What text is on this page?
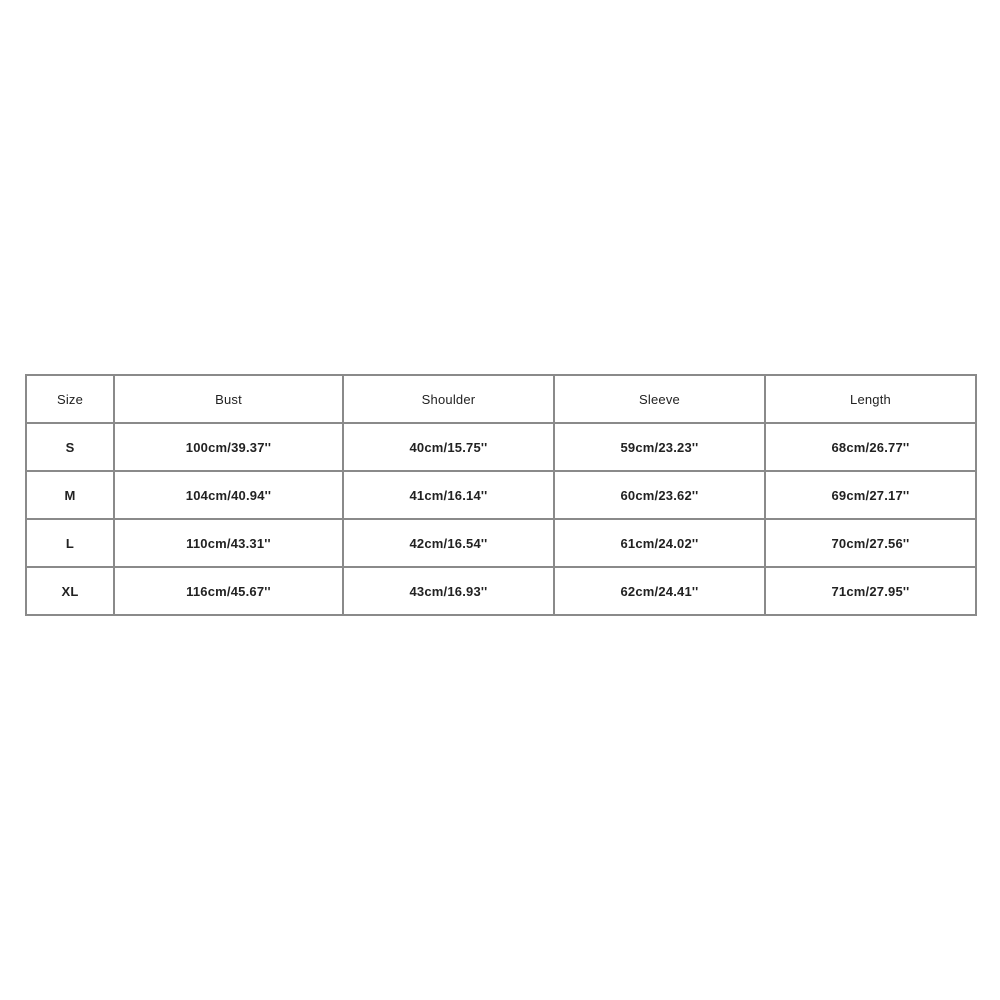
Size	Bust	Shoulder	Sleeve	Length
S	100cm/39.37''	40cm/15.75''	59cm/23.23''	68cm/26.77''
M	104cm/40.94''	41cm/16.14''	60cm/23.62''	69cm/27.17''
L	110cm/43.31''	42cm/16.54''	61cm/24.02''	70cm/27.56''
XL	116cm/45.67''	43cm/16.93''	62cm/24.41''	71cm/27.95''
